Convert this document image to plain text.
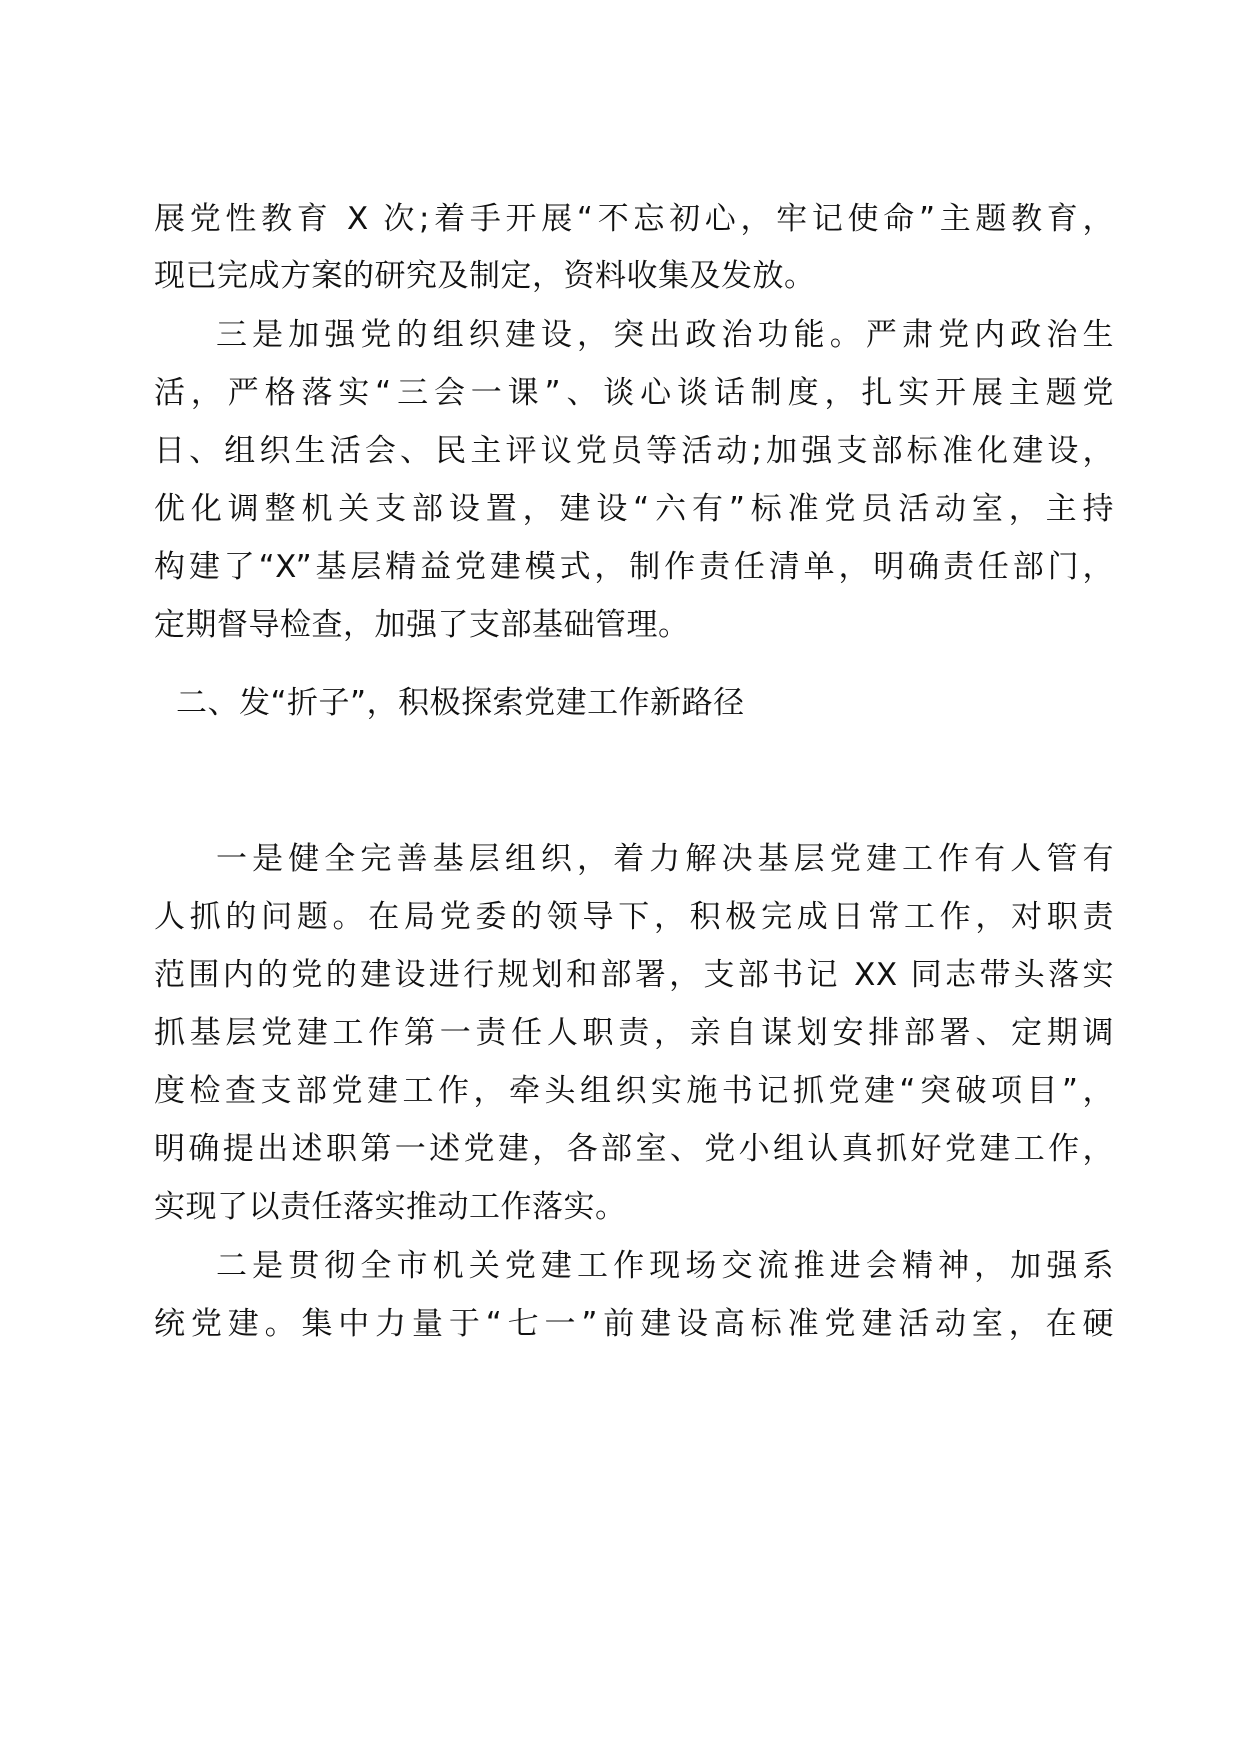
展党性教育 X 次;着手开展“不忘初心，牢记使命”主题教育，
现已完成方案的研究及制定，资料收集及发放。
三是加强党的组织建设，突出政治功能。严肃党内政治生
活，严格落实“三会一课”、谈心谈话制度，扎实开展主题党
日、组织生活会、民主评议党员等活动;加强支部标准化建设，
优化调整机关支部设置，建设“六有”标准党员活动室，主持
构建了“X”基层精益党建模式，制作责任清单，明确责任部门，
定期督导检查，加强了支部基础管理。
二、发“折子”，积极探索党建工作新路径
一是健全完善基层组织，着力解决基层党建工作有人管有
人抓的问题。在局党委的领导下，积极完成日常工作，对职责
范围内的党的建设进行规划和部署，支部书记 XX 同志带头落实
抓基层党建工作第一责任人职责，亲自谋划安排部署、定期调
度检查支部党建工作，牵头组织实施书记抓党建“突破项目”，
明确提出述职第一述党建，各部室、党小组认真抓好党建工作，
实现了以责任落实推动工作落实。
二是贯彻全市机关党建工作现场交流推进会精神，加强系
统党建。集中力量于“七一”前建设高标准党建活动室，在硬
